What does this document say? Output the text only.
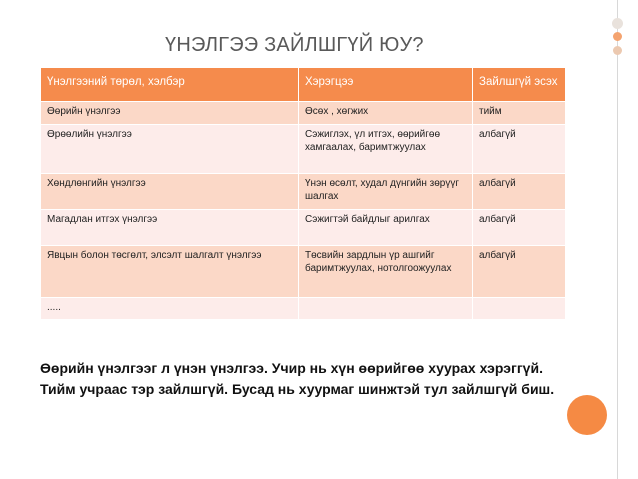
ҮНЭЛГЭЭ ЗАЙЛШГҮЙ ЮУ?
Үнэлгээний төрөл, хэлбэр	Хэрэгцээ	Зайлшгүй эсэх
Өөрийн үнэлгээ	Өсөх , хөгжих	тийм
Өрөөлийн үнэлгээ	Сэжиглэх, үл итгэх, өөрийгөө хамгаалах, баримтжуулах	албагүй
Хөндлөнгийн үнэлгээ	Үнэн өсөлт, худал дүнгийн зөрүүг шалгах	албагүй
Магадлан итгэх үнэлгээ	Сэжигтэй байдлыг арилгах	албагүй
Явцын болон төсгөлт, элсэлт шалгалт үнэлгээ	Төсвийн зардлын үр ашгийг баримтжуулах, нотолгоожуулах	албагүй
.....		
Өөрийн үнэлгээг л үнэн үнэлгээ. Учир нь хүн өөрийгөө хуурах хэрэггүй. Тийм учраас тэр зайлшгүй. Бусад нь хуурмаг шинжтэй тул зайлшгүй биш.
